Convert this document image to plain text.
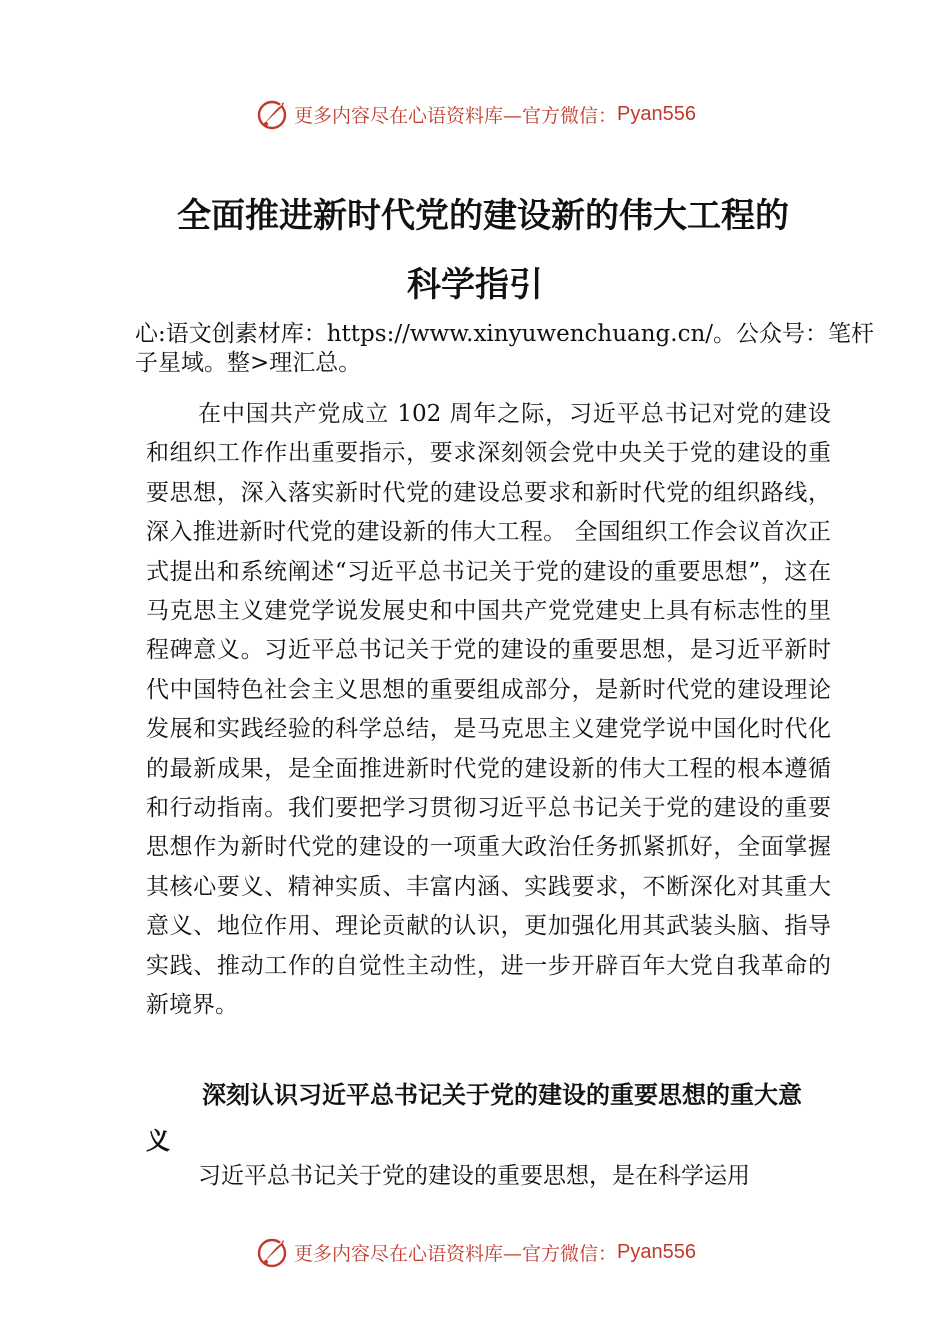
更多内容尽在心语资料库—官方微信： Pyan556
全面推进新时代党的建设新的伟大工程的
科学指引

心:语文创素材库：https://www.xinyuwenchuang.cn/。公众号：笔杆子星域。整>理汇总。

在中国共产党成立 102 周年之际，习近平总书记对党的建设和组织工作作出重要指示，要求深刻领会党中央关于党的建设的重要思想，深入落实新时代党的建设总要求和新时代党的组织路线，深入推进新时代党的建设新的伟大工程。 全国组织工作会议首次正式提出和系统阐述“习近平总书记关于党的建设的重要思想”，这在马克思主义建党学说发展史和中国共产党党建史上具有标志性的里程碑意义。习近平总书记关于党的建设的重要思想，是习近平新时代中国特色社会主义思想的重要组成部分，是新时代党的建设理论发展和实践经验的科学总结，是马克思主义建党学说中国化时代化的最新成果，是全面推进新时代党的建设新的伟大工程的根本遵循和行动指南。我们要把学习贯彻习近平总书记关于党的建设的重要思想作为新时代党的建设的一项重大政治任务抓紧抓好，全面掌握其核心要义、精神实质、丰富内涵、实践要求，不断深化对其重大意义、地位作用、理论贡献的认识，更加强化用其武装头脑、指导实践、推动工作的自觉性主动性，进一步开辟百年大党自我革命的新境界。

深刻认识习近平总书记关于党的建设的重要思想的重大意义

习近平总书记关于党的建设的重要思想，是在科学运用

更多内容尽在心语资料库—官方微信： Pyan556
